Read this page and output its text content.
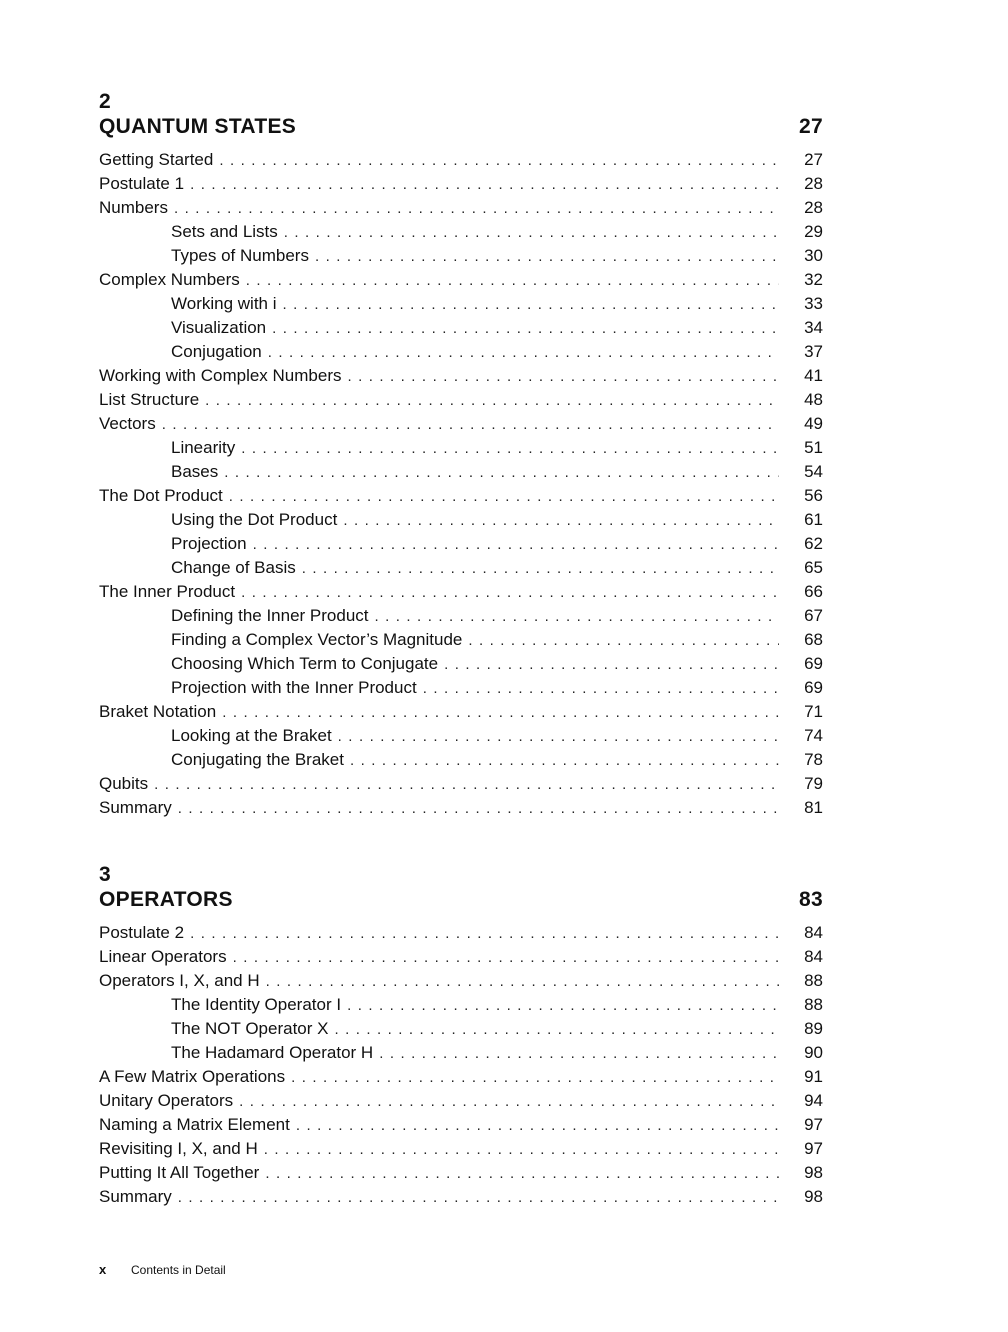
2
QUANTUM STATES	27
Getting Started . . .	27
Postulate 1 . . .	28
Numbers . . .	28
Sets and Lists . . .	29
Types of Numbers . . .	30
Complex Numbers . . .	32
Working with i . . .	33
Visualization . . .	34
Conjugation . . .	37
Working with Complex Numbers . . .	41
List Structure . . .	48
Vectors . . .	49
Linearity . . .	51
Bases . . .	54
The Dot Product . . .	56
Using the Dot Product . . .	61
Projection . . .	62
Change of Basis . . .	65
The Inner Product . . .	66
Defining the Inner Product . . .	67
Finding a Complex Vector’s Magnitude . . .	68
Choosing Which Term to Conjugate . . .	69
Projection with the Inner Product . . .	69
Braket Notation . . .	71
Looking at the Braket . . .	74
Conjugating the Braket . . .	78
Qubits . . .	79
Summary . . .	81
3
OPERATORS	83
Postulate 2 . . .	84
Linear Operators . . .	84
Operators I, X, and H . . .	88
The Identity Operator I . . .	88
The NOT Operator X . . .	89
The Hadamard Operator H . . .	90
A Few Matrix Operations . . .	91
Unitary Operators . . .	94
Naming a Matrix Element . . .	97
Revisiting I, X, and H . . .	97
Putting It All Together . . .	98
Summary . . .	98
x	Contents in Detail
